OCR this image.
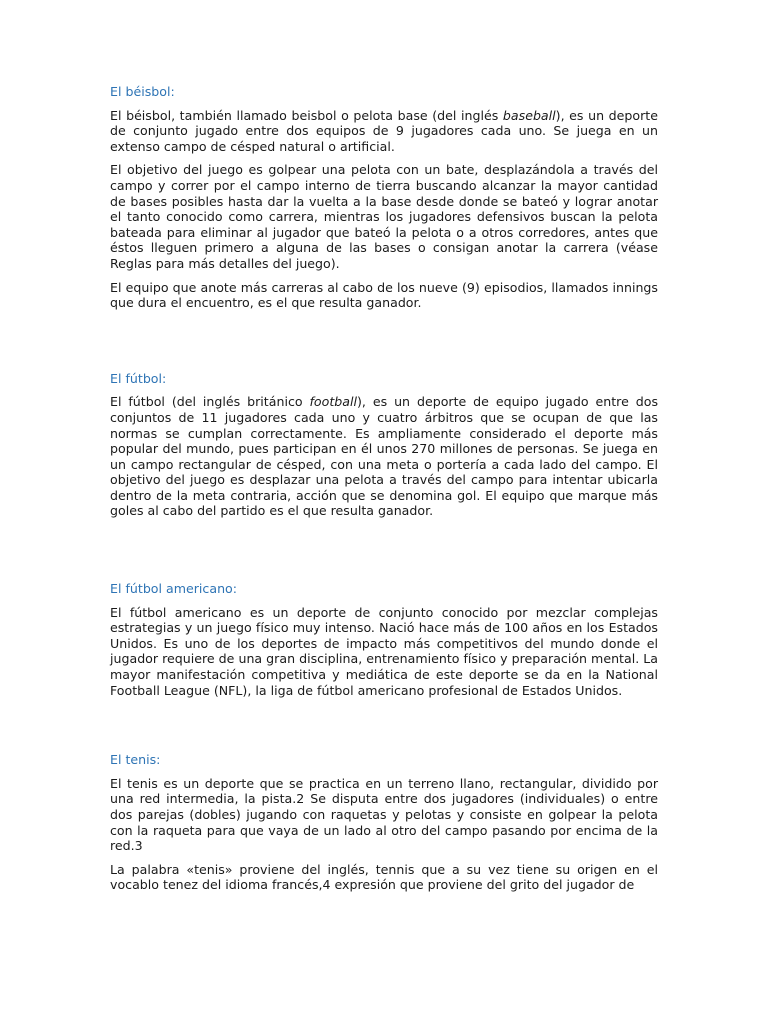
El béisbol:

El béisbol, también llamado beisbol o pelota base (del inglés baseball), es un deporte de conjunto jugado entre dos equipos de 9 jugadores cada uno. Se juega en un extenso campo de césped natural o artificial.

El objetivo del juego es golpear una pelota con un bate, desplazándola a través del campo y correr por el campo interno de tierra buscando alcanzar la mayor cantidad de bases posibles hasta dar la vuelta a la base desde donde se bateó y lograr anotar el tanto conocido como carrera, mientras los jugadores defensivos buscan la pelota bateada para eliminar al jugador que bateó la pelota o a otros corredores, antes que éstos lleguen primero a alguna de las bases o consigan anotar la carrera (véase Reglas para más detalles del juego).

El equipo que anote más carreras al cabo de los nueve (9) episodios, llamados innings que dura el encuentro, es el que resulta ganador.

El fútbol:

El fútbol (del inglés británico football), es un deporte de equipo jugado entre dos conjuntos de 11 jugadores cada uno y cuatro árbitros que se ocupan de que las normas se cumplan correctamente. Es ampliamente considerado el deporte más popular del mundo, pues participan en él unos 270 millones de personas. Se juega en un campo rectangular de césped, con una meta o portería a cada lado del campo. El objetivo del juego es desplazar una pelota a través del campo para intentar ubicarla dentro de la meta contraria, acción que se denomina gol. El equipo que marque más goles al cabo del partido es el que resulta ganador.

El fútbol americano:

El fútbol americano es un deporte de conjunto conocido por mezclar complejas estrategias y un juego físico muy intenso. Nació hace más de 100 años en los Estados Unidos. Es uno de los deportes de impacto más competitivos del mundo donde el jugador requiere de una gran disciplina, entrenamiento físico y preparación mental. La mayor manifestación competitiva y mediática de este deporte se da en la National Football League (NFL), la liga de fútbol americano profesional de Estados Unidos.

El tenis:

El tenis es un deporte que se practica en un terreno llano, rectangular, dividido por una red intermedia, la pista.2 Se disputa entre dos jugadores (individuales) o entre dos parejas (dobles) jugando con raquetas y pelotas y consiste en golpear la pelota con la raqueta para que vaya de un lado al otro del campo pasando por encima de la red.3

La palabra «tenis» proviene del inglés, tennis que a su vez tiene su origen en el vocablo tenez del idioma francés,4 expresión que proviene del grito del jugador de
